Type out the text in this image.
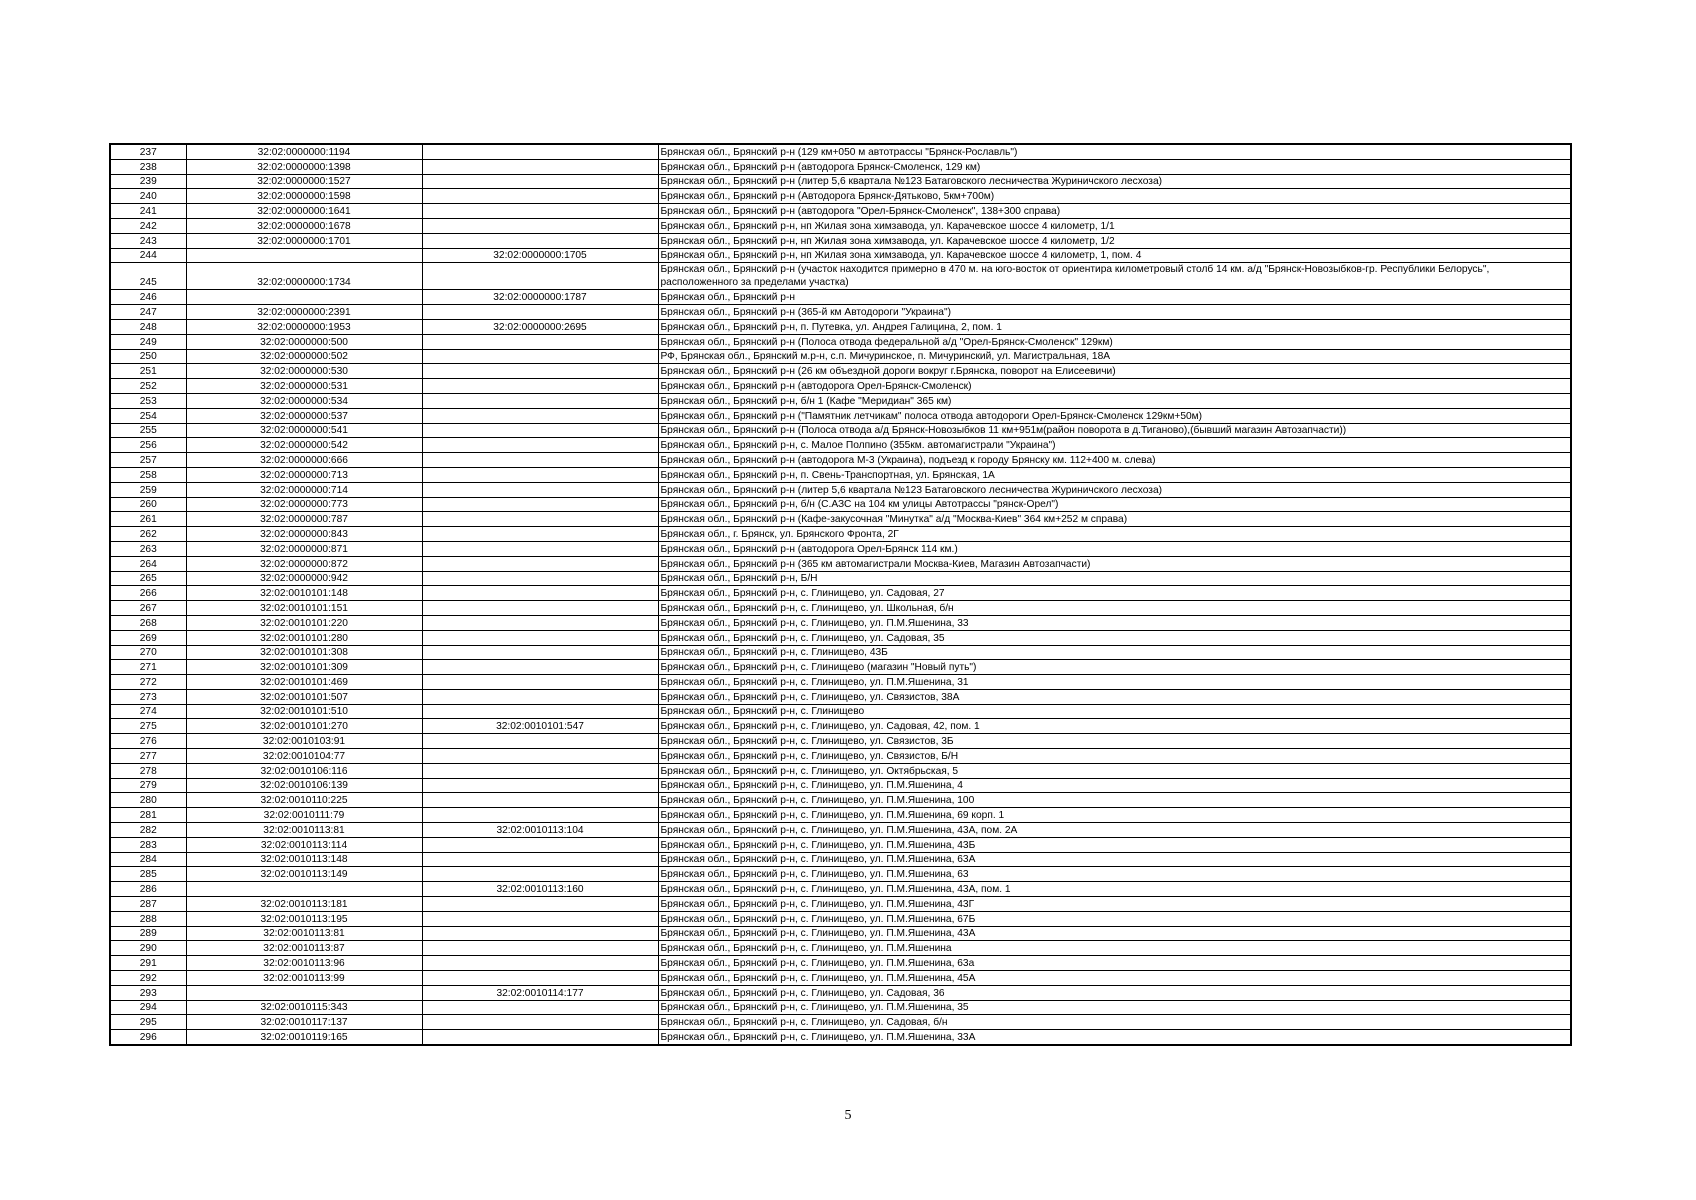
237	32:02:0000000:1194		Брянская обл., Брянский р-н (129 км+050 м автотрассы "Брянск-Рославль")
238	32:02:0000000:1398		Брянская обл., Брянский р-н (автодорога Брянск-Смоленск, 129 км)
239	32:02:0000000:1527		Брянская обл., Брянский р-н (литер 5,6 квартала №123 Батаговского лесничества Журиничского лесхоза)
240	32:02:0000000:1598		Брянская обл., Брянский р-н (Автодорога Брянск-Дятьково, 5км+700м)
241	32:02:0000000:1641		Брянская обл., Брянский р-н (автодорога "Орел-Брянск-Смоленск", 138+300 справа)
242	32:02:0000000:1678		Брянская обл., Брянский р-н, нп Жилая зона химзавода, ул. Карачевское шоссе 4 километр, 1/1
243	32:02:0000000:1701		Брянская обл., Брянский р-н, нп Жилая зона химзавода, ул. Карачевское шоссе 4 километр, 1/2
244		32:02:0000000:1705	Брянская обл., Брянский р-н, нп Жилая зона химзавода, ул. Карачевское шоссе 4 километр, 1, пом. 4
245	32:02:0000000:1734		Брянская обл., Брянский р-н (участок находится примерно в 470 м. на юго-восток от ориентира километровый столб 14 км. а/д "Брянск-Новозыбков-гр. Республики Белорусь", расположенного за пределами участка)
246		32:02:0000000:1787	Брянская обл., Брянский р-н
247	32:02:0000000:2391		Брянская обл., Брянский р-н (365-й км Автодороги "Украина")
248	32:02:0000000:1953	32:02:0000000:2695	Брянская обл., Брянский р-н, п. Путевка, ул. Андрея Галицина, 2, пом. 1
249	32:02:0000000:500		Брянская обл., Брянский р-н (Полоса отвода федеральной а/д "Орел-Брянск-Смоленск" 129км)
250	32:02:0000000:502		РФ, Брянская обл., Брянский м.р-н, с.п. Мичуринское, п. Мичуринский, ул. Магистральная, 18А
251	32:02:0000000:530		Брянская обл., Брянский р-н (26 км объездной дороги вокруг г.Брянска, поворот на Елисеевичи)
252	32:02:0000000:531		Брянская обл., Брянский р-н (автодорога Орел-Брянск-Смоленск)
253	32:02:0000000:534		Брянская обл., Брянский р-н, б/н 1 (Кафе "Меридиан" 365 км)
254	32:02:0000000:537		Брянская обл., Брянский р-н ("Памятник летчикам" полоса отвода автодороги Орел-Брянск-Смоленск 129км+50м)
255	32:02:0000000:541		Брянская обл., Брянский р-н (Полоса отвода а/д Брянск-Новозыбков 11 км+951м(район поворота в д.Тиганово),(бывший магазин Автозапчасти))
256	32:02:0000000:542		Брянская обл., Брянский р-н, с. Малое Полпино (355км. автомагистрали "Украина")
257	32:02:0000000:666		Брянская обл., Брянский р-н (автодорога М-3 (Украина), подъезд к городу Брянску км. 112+400 м. слева)
258	32:02:0000000:713		Брянская обл., Брянский р-н, п. Свень-Транспортная, ул. Брянская, 1А
259	32:02:0000000:714		Брянская обл., Брянский р-н (литер 5,6 квартала №123 Батаговского лесничества Журиничского лесхоза)
260	32:02:0000000:773		Брянская обл., Брянский р-н, б/н (С.АЗС на 104 км улицы Автотрассы "рянск-Орел")
261	32:02:0000000:787		Брянская обл., Брянский р-н (Кафе-закусочная "Минутка" а/д "Москва-Киев" 364 км+252 м справа)
262	32:02:0000000:843		Брянская обл., г. Брянск, ул. Брянского Фронта, 2Г
263	32:02:0000000:871		Брянская обл., Брянский р-н (автодорога Орел-Брянск 114 км.)
264	32:02:0000000:872		Брянская обл., Брянский р-н (365 км автомагистрали Москва-Киев, Магазин Автозапчасти)
265	32:02:0000000:942		Брянская обл., Брянский р-н, Б/Н
266	32:02:0010101:148		Брянская обл., Брянский р-н, с. Глинищево, ул. Садовая, 27
267	32:02:0010101:151		Брянская обл., Брянский р-н, с. Глинищево, ул. Школьная, б/н
268	32:02:0010101:220		Брянская обл., Брянский р-н, с. Глинищево, ул. П.М.Яшенина, 33
269	32:02:0010101:280		Брянская обл., Брянский р-н, с. Глинищево, ул. Садовая, 35
270	32:02:0010101:308		Брянская обл., Брянский р-н, с. Глинищево, 43Б
271	32:02:0010101:309		Брянская обл., Брянский р-н, с. Глинищево (магазин "Новый путь")
272	32:02:0010101:469		Брянская обл., Брянский р-н, с. Глинищево, ул. П.М.Яшенина, 31
273	32:02:0010101:507		Брянская обл., Брянский р-н, с. Глинищево, ул. Связистов, 38А
274	32:02:0010101:510		Брянская обл., Брянский р-н, с. Глинищево
275	32:02:0010101:270	32:02:0010101:547	Брянская обл., Брянский р-н, с. Глинищево, ул. Садовая, 42, пом. 1
276	32:02:0010103:91		Брянская обл., Брянский р-н, с. Глинищево, ул. Связистов, 3Б
277	32:02:0010104:77		Брянская обл., Брянский р-н, с. Глинищево, ул. Связистов, Б/Н
278	32:02:0010106:116		Брянская обл., Брянский р-н, с. Глинищево, ул. Октябрьская, 5
279	32:02:0010106:139		Брянская обл., Брянский р-н, с. Глинищево, ул. П.М.Яшенина, 4
280	32:02:0010110:225		Брянская обл., Брянский р-н, с. Глинищево, ул. П.М.Яшенина, 100
281	32:02:0010111:79		Брянская обл., Брянский р-н, с. Глинищево, ул. П.М.Яшенина, 69 корп. 1
282	32:02:0010113:81	32:02:0010113:104	Брянская обл., Брянский р-н, с. Глинищево, ул. П.М.Яшенина, 43А, пом. 2А
283	32:02:0010113:114		Брянская обл., Брянский р-н, с. Глинищево, ул. П.М.Яшенина, 43Б
284	32:02:0010113:148		Брянская обл., Брянский р-н, с. Глинищево, ул. П.М.Яшенина, 63А
285	32:02:0010113:149		Брянская обл., Брянский р-н, с. Глинищево, ул. П.М.Яшенина, 63
286		32:02:0010113:160	Брянская обл., Брянский р-н, с. Глинищево, ул. П.М.Яшенина, 43А, пом. 1
287	32:02:0010113:181		Брянская обл., Брянский р-н, с. Глинищево, ул. П.М.Яшенина, 43Г
288	32:02:0010113:195		Брянская обл., Брянский р-н, с. Глинищево, ул. П.М.Яшенина, 67Б
289	32:02:0010113:81		Брянская обл., Брянский р-н, с. Глинищево, ул. П.М.Яшенина, 43А
290	32:02:0010113:87		Брянская обл., Брянский р-н, с. Глинищево, ул. П.М.Яшенина
291	32:02:0010113:96		Брянская обл., Брянский р-н, с. Глинищево, ул. П.М.Яшенина, 63а
292	32:02:0010113:99		Брянская обл., Брянский р-н, с. Глинищево, ул. П.М.Яшенина, 45А
293		32:02:0010114:177	Брянская обл., Брянский р-н, с. Глинищево, ул. Садовая, 36
294	32:02:0010115:343		Брянская обл., Брянский р-н, с. Глинищево, ул. П.М.Яшенина, 35
295	32:02:0010117:137		Брянская обл., Брянский р-н, с. Глинищево, ул. Садовая, б/н
296	32:02:0010119:165		Брянская обл., Брянский р-н, с. Глинищево, ул. П.М.Яшенина, 33А
5
